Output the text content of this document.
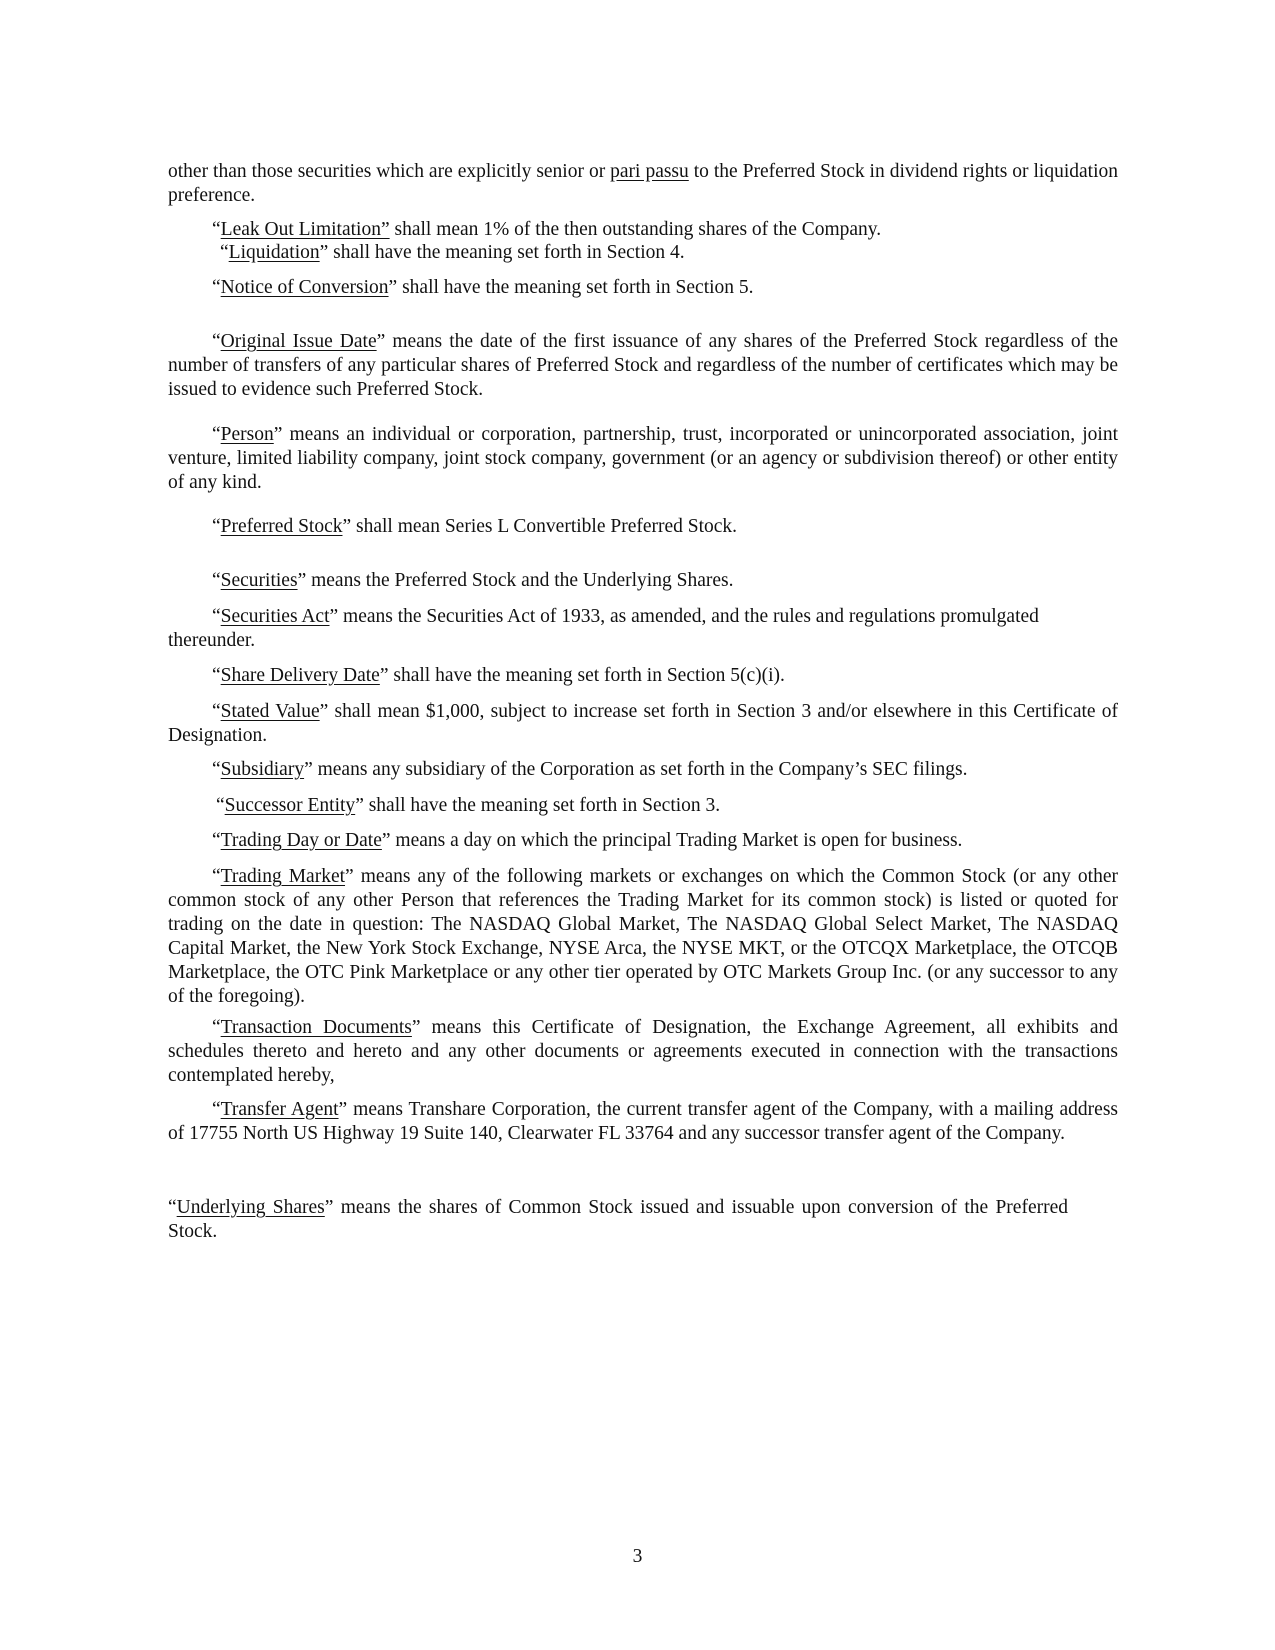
other than those securities which are explicitly senior or pari passu to the Preferred Stock in dividend rights or liquidation preference.

“Leak Out Limitation” shall mean 1% of the then outstanding shares of the Company.

“Liquidation” shall have the meaning set forth in Section 4.

“Notice of Conversion” shall have the meaning set forth in Section 5.

“Original Issue Date” means the date of the first issuance of any shares of the Preferred Stock regardless of the number of transfers of any particular shares of Preferred Stock and regardless of the number of certificates which may be issued to evidence such Preferred Stock.

“Person” means an individual or corporation, partnership, trust, incorporated or unincorporated association, joint venture, limited liability company, joint stock company, government (or an agency or subdivision thereof) or other entity of any kind.

“Preferred Stock” shall mean Series L Convertible Preferred Stock.

“Securities” means the Preferred Stock and the Underlying Shares.

“Securities Act” means the Securities Act of 1933, as amended, and the rules and regulations promulgated thereunder.

“Share Delivery Date” shall have the meaning set forth in Section 5(c)(i).

“Stated Value” shall mean $1,000, subject to increase set forth in Section 3 and/or elsewhere in this Certificate of Designation.

“Subsidiary” means any subsidiary of the Corporation as set forth in the Company’s SEC filings.

“Successor Entity” shall have the meaning set forth in Section 3.

“Trading Day or Date” means a day on which the principal Trading Market is open for business.

“Trading Market” means any of the following markets or exchanges on which the Common Stock (or any other common stock of any other Person that references the Trading Market for its common stock) is listed or quoted for trading on the date in question: The NASDAQ Global Market, The NASDAQ Global Select Market, The NASDAQ Capital Market, the New York Stock Exchange, NYSE Arca, the NYSE MKT, or the OTCQX Marketplace, the OTCQB Marketplace, the OTC Pink Marketplace or any other tier operated by OTC Markets Group Inc. (or any successor to any of the foregoing).

“Transaction Documents” means this Certificate of Designation, the Exchange Agreement, all exhibits and schedules thereto and hereto and any other documents or agreements executed in connection with the transactions contemplated hereby,

“Transfer Agent” means Transhare Corporation, the current transfer agent of the Company, with a mailing address of 17755 North US Highway 19 Suite 140, Clearwater FL 33764 and any successor transfer agent of the Company.

“Underlying Shares” means the shares of Common Stock issued and issuable upon conversion of the Preferred Stock.

3
